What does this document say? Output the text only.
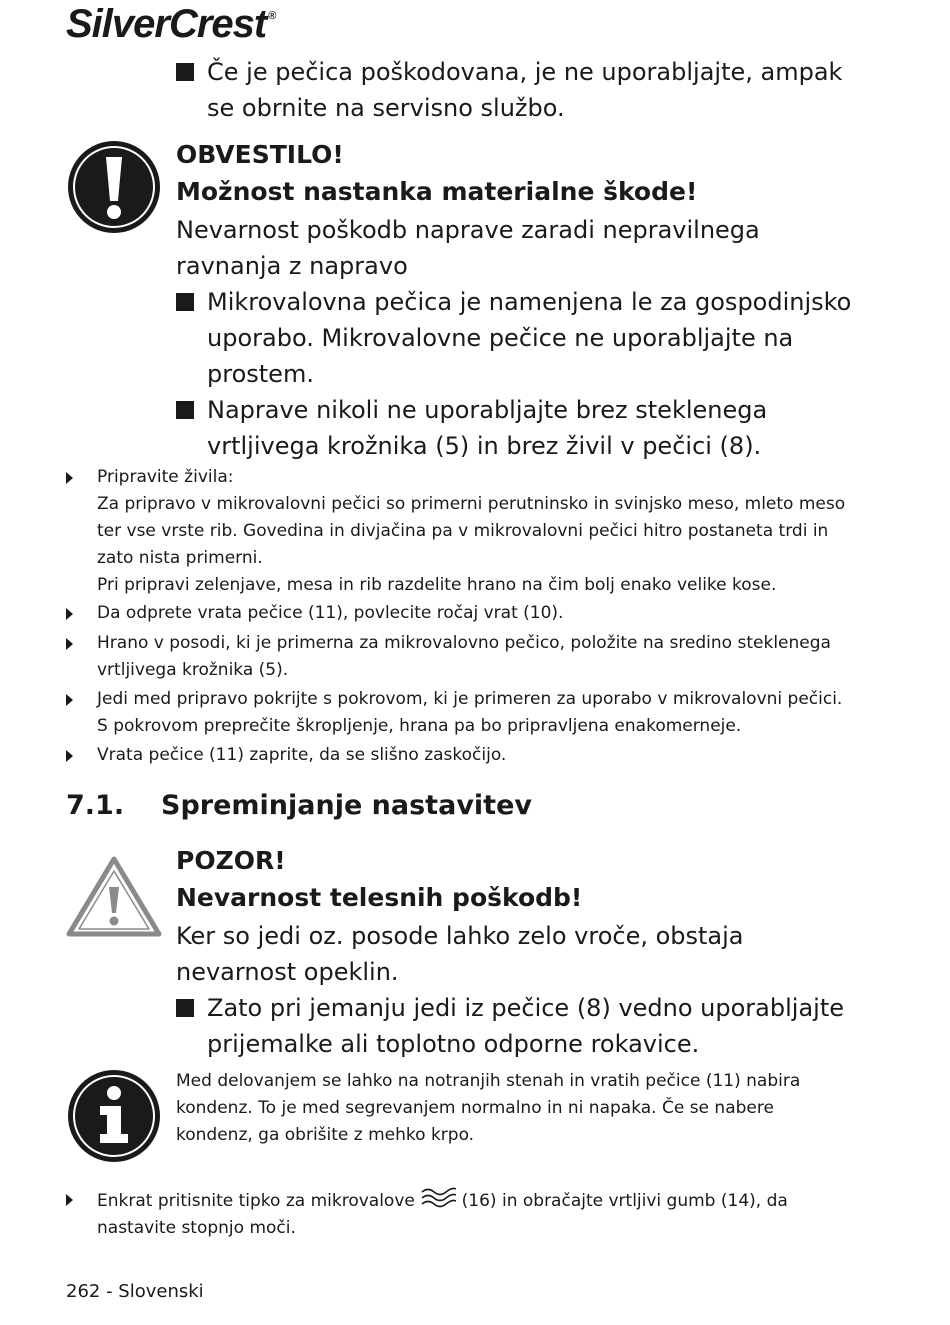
SilverCrest ®
Če je pečica poškodovana, je ne uporabljajte, ampak se obrnite na servisno službo.
OBVESTILO!
Možnost nastanka materialne škode!
Nevarnost poškodb naprave zaradi nepravilnega ravnanja z napravo
Mikrovalovna pečica je namenjena le za gospodinjsko uporabo. Mikrovalovne pečice ne uporabljajte na prostem.
Naprave nikoli ne uporabljajte brez steklenega vrtljivega krožnika (5) in brez živil v pečici (8).
Pripravite živila:
Za pripravo v mikrovalovni pečici so primerni perutninsko in svinjsko meso, mleto meso ter vse vrste rib. Govedina in divjačina pa v mikrovalovni pečici hitro postaneta trdi in zato nista primerni.
Pri pripravi zelenjave, mesa in rib razdelite hrano na čim bolj enako velike kose.
Da odprete vrata pečice (11), povlecite ročaj vrat (10).
Hrano v posodi, ki je primerna za mikrovalovno pečico, položite na sredino steklenega vrtljivega krožnika (5).
Jedi med pripravo pokrijte s pokrovom, ki je primeren za uporabo v mikrovalovni pečici. S pokrovom preprečite škropljenje, hrana pa bo pripravljena enakomerneje.
Vrata pečice (11) zaprite, da se slišno zaskočijo.
7.1. Spreminjanje nastavitev
POZOR!
Nevarnost telesnih poškodb!
Ker so jedi oz. posode lahko zelo vroče, obstaja nevarnost opeklin.
Zato pri jemanju jedi iz pečice (8) vedno uporabljajte prijemalke ali toplotno odporne rokavice.
Med delovanjem se lahko na notranjih stenah in vratih pečice (11) nabira kondenz. To je med segrevanjem normalno in ni napaka. Če se nabere kondenz, ga obrišite z mehko krpo.
Enkrat pritisnite tipko za mikrovalove	(16) in obračajte vrtljivi gumb (14), da nastavite stopnjo moči.
262 - Slovenski
